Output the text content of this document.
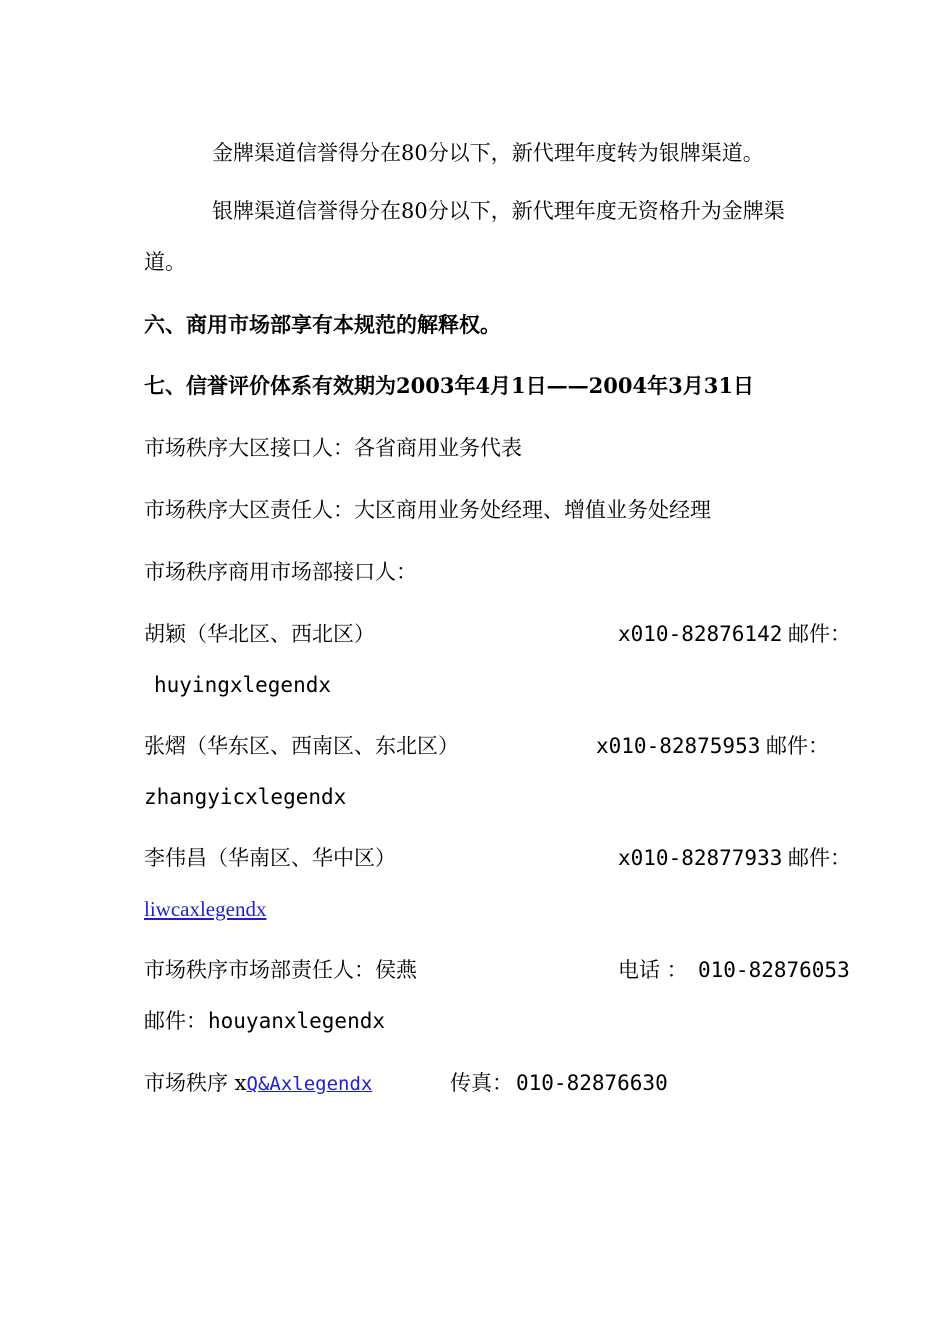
金牌渠道信誉得分在80分以下，新代理年度转为银牌渠道。
银牌渠道信誉得分在80分以下，新代理年度无资格升为金牌渠
道。
六、商用市场部享有本规范的解释权。
七、信誉评价体系有效期为2003年4月1日——2004年3月31日
市场秩序大区接口人：各省商用业务代表
市场秩序大区责任人：大区商用业务处经理、增值业务处经理
市场秩序商用市场部接口人：
胡颖（华北区、西北区）	x010-82876142 邮件：
huyingxlegendx
张熠（华东区、西南区、东北区）	x010-82875953 邮件：
zhangyicxlegendx
李伟昌（华南区、华中区）	x010-82877933 邮件：
liwcaxlegendx
市场秩序市场部责任人：侯燕	电话 ： 010-82876053
邮件： houyanxlegendx
市场秩序 xQ&Axlegendx	传真： 010-82876630
